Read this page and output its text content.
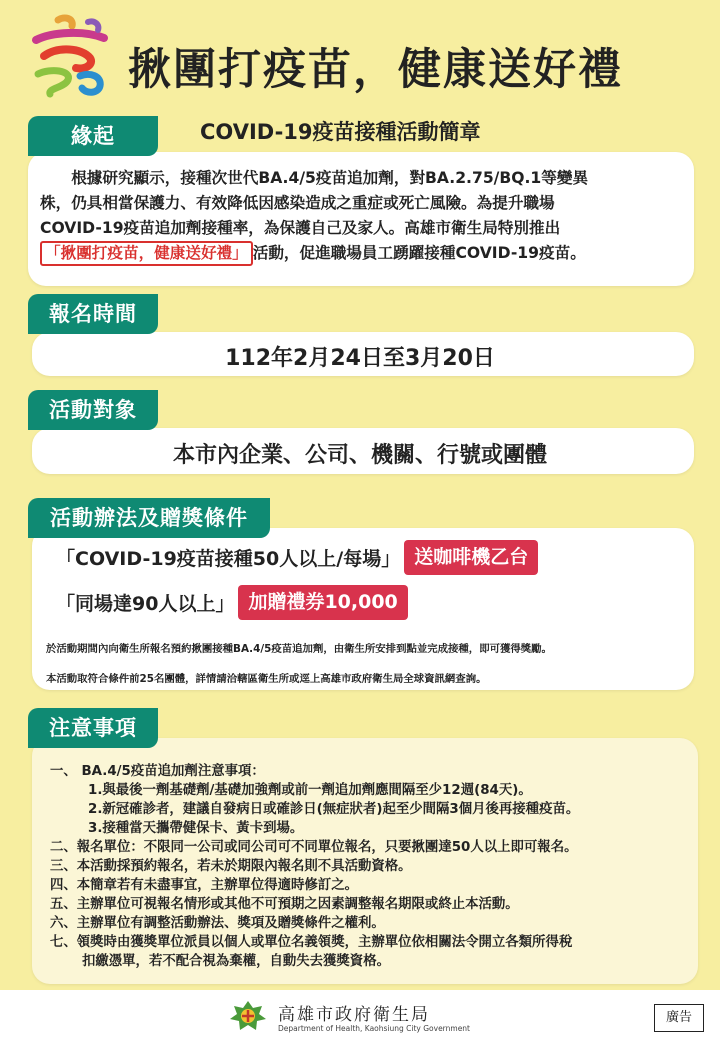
揪團打疫苗，健康送好禮
緣起	COVID-19疫苗接種活動簡章
　　根據研究顯示，接種次世代BA.4/5疫苗追加劑，對BA.2.75/BQ.1等變異
株，仍具相當保護力、有效降低因感染造成之重症或死亡風險。為提升職場
COVID-19疫苗追加劑接種率，為保護自己及家人。高雄市衛生局特別推出
「揪團打疫苗，健康送好禮」 活動，促進職場員工踴躍接種COVID-19疫苗。
報名時間
112年2月24日至3月20日
活動對象
本市內企業、公司、機關、行號或團體
活動辦法及贈獎條件
「COVID-19疫苗接種50人以上/每場」 送咖啡機乙台
「同場達90人以上」 加贈禮券10,000
於活動期間內向衛生所報名預約揪團接種BA.4/5疫苗追加劑，由衛生所安排到點並完成接種，即可獲得獎勵。
本活動取符合條件前25名團體，詳情請洽轄區衛生所或逕上高雄市政府衛生局全球資訊網查詢。
注意事項
一、 BA.4/5疫苗追加劑注意事項：
1.與最後一劑基礎劑/基礎加強劑或前一劑追加劑應間隔至少12週(84天)。
2.新冠確診者，建議自發病日或確診日(無症狀者)起至少間隔3個月後再接種疫苗。
3.接種當天攜帶健保卡、黃卡到場。
二、報名單位：不限同一公司或同公司可不同單位報名，只要揪團達50人以上即可報名。
三、本活動採預約報名，若未於期限內報名則不具活動資格。
四、本簡章若有未盡事宜，主辦單位得適時修訂之。
五、主辦單位可視報名情形或其他不可預期之因素調整報名期限或終止本活動。
六、主辦單位有調整活動辦法、獎項及贈獎條件之權利。
七、領獎時由獲獎單位派員以個人或單位名義領獎，主辦單位依相關法令開立各類所得稅
扣繳憑單，若不配合視為棄權，自動失去獲獎資格。
高雄市政府衛生局
Department of Health, Kaohsiung City Government
廣告
